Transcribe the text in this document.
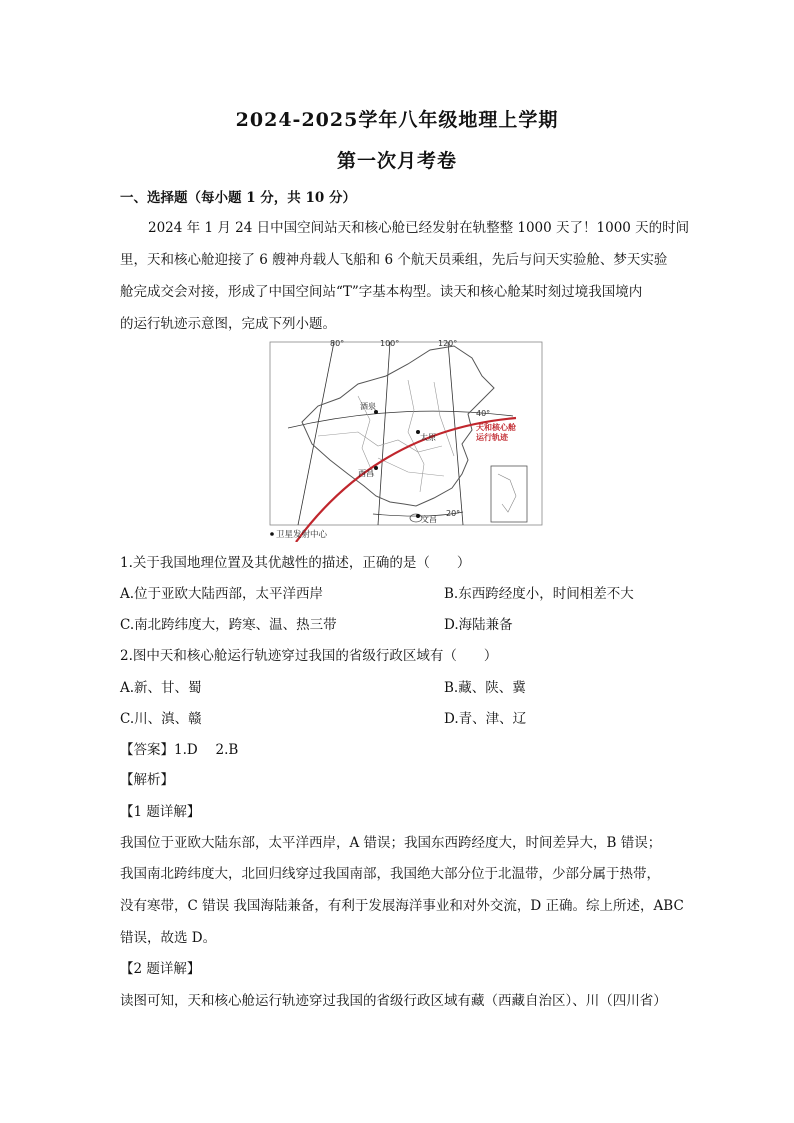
2024-2025学年八年级地理上学期
第一次月考卷
一、选择题（每小题 1 分，共 10 分）
2024 年 1 月 24 日中国空间站天和核心舱已经发射在轨整整 1000 天了！1000 天的时间
里，天和核心舱迎接了 6 艘神舟载人飞船和 6 个航天员乘组，先后与问天实验舱、梦天实验
舱完成交会对接，形成了中国空间站“T”字基本构型。读天和核心舱某时刻过境我国境内
的运行轨迹示意图，完成下列小题。
80°	100°	120°
40°
20°
酒泉
太原
西昌
文昌
天和核心舱
运行轨迹
卫星发射中心
1.关于我国地理位置及其优越性的描述，正确的是（　　）
A.位于亚欧大陆西部，太平洋西岸	B.东西跨经度小，时间相差不大
C.南北跨纬度大，跨寒、温、热三带	D.海陆兼备
2.图中天和核心舱运行轨迹穿过我国的省级行政区域有（　　）
A.新、甘、蜀	B.藏、陕、冀
C.川、滇、赣	D.青、津、辽
【答案】1.D　 2.B
【解析】
【1 题详解】
我国位于亚欧大陆东部，太平洋西岸，A 错误；我国东西跨经度大，时间差异大，B 错误；
我国南北跨纬度大，北回归线穿过我国南部，我国绝大部分位于北温带，少部分属于热带，
没有寒带，C 错误 我国海陆兼备，有利于发展海洋事业和对外交流，D 正确。综上所述，ABC
错误，故选 D。
【2 题详解】
读图可知，天和核心舱运行轨迹穿过我国的省级行政区域有藏（西藏自治区）、川（四川省）
